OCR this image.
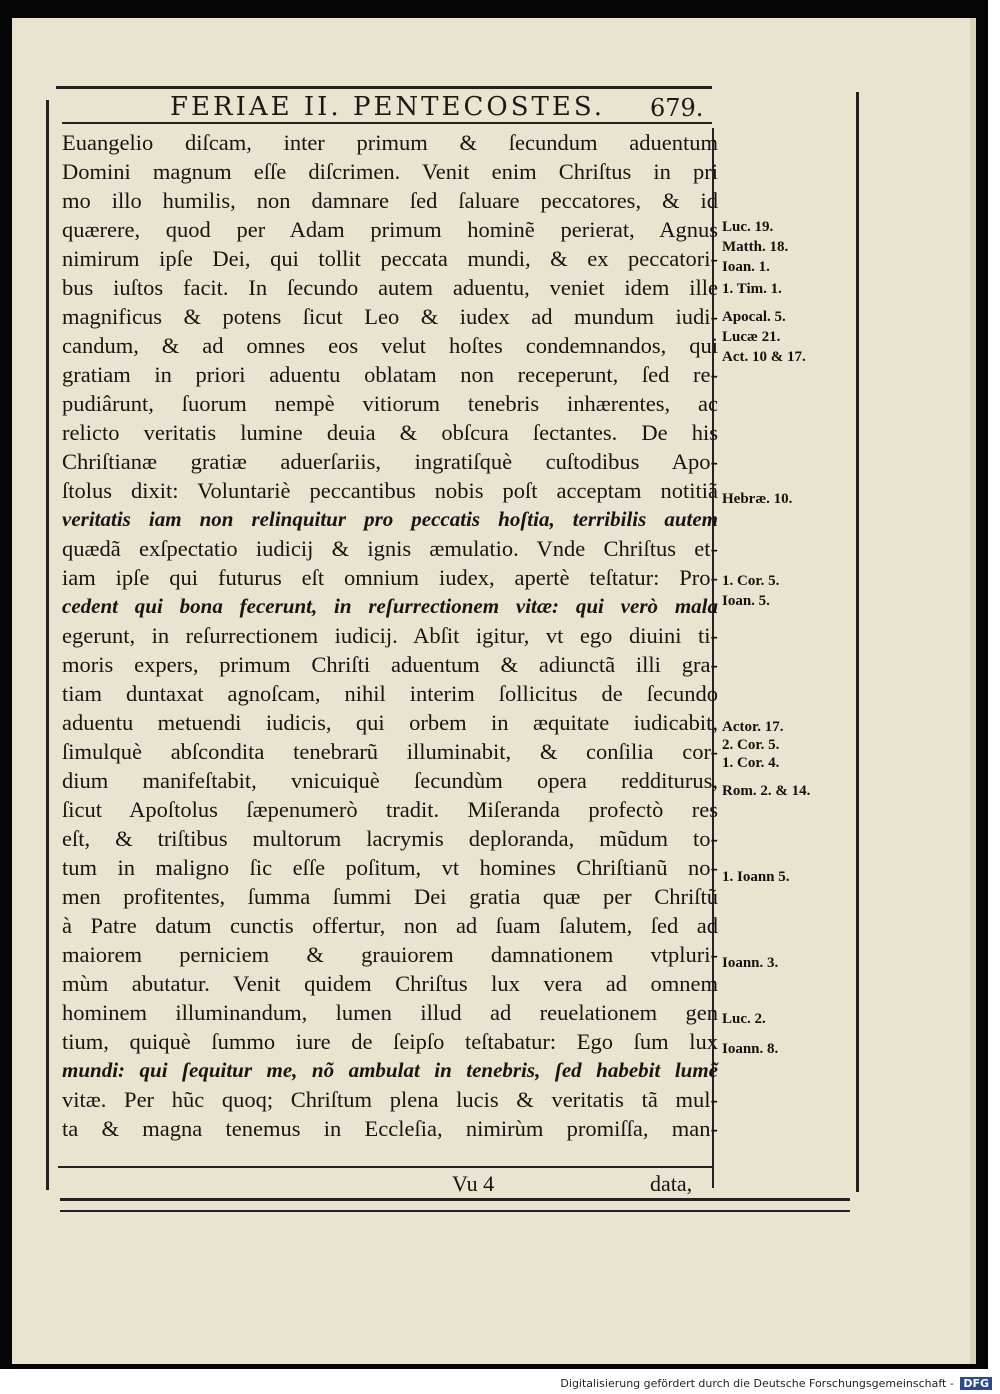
FERIAE II. PENTECOSTES. 679.
Euangelio diſcam, inter primum & ſecundum aduentum
Domini magnum eſſe diſcrimen. Venit enim Chriſtus in pri
mo illo humilis, non damnare ſed ſaluare peccatores, & id
quærere, quod per Adam primum hominẽ perierat, Agnus
nimirum ipſe Dei, qui tollit peccata mundi, & ex peccatori-
bus iuſtos facit. In ſecundo autem aduentu, veniet idem ille
magnificus & potens ſicut Leo & iudex ad mundum iudi-
candum, & ad omnes eos velut hoſtes condemnandos, qui
gratiam in priori aduentu oblatam non receperunt, ſed re-
pudiârunt, ſuorum nempè vitiorum tenebris inhærentes, ac
relicto veritatis lumine deuia & obſcura ſectantes. De his
Chriſtianæ gratiæ aduerſariis, ingratiſquè cuſtodibus Apo-
ſtolus dixit: Voluntariè peccantibus nobis poſt acceptam notitiã
veritatis iam non relinquitur pro peccatis hoſtia, terribilis autem
quædã exſpectatio iudicij & ignis æmulatio. Vnde Chriſtus et-
iam ipſe qui futurus eſt omnium iudex, apertè teſtatur: Pro-
cedent qui bona fecerunt, in reſurrectionem vitæ: qui verò mala
egerunt, in reſurrectionem iudicij. Abſit igitur, vt ego diuini ti-
moris expers, primum Chriſti aduentum & adiunctã illi gra-
tiam duntaxat agnoſcam, nihil interim ſollicitus de ſecundo
aduentu metuendi iudicis, qui orbem in æquitate iudicabit,
ſimulquè abſcondita tenebrarũ illuminabit, & conſilia cor-
dium manifeſtabit, vnicuiquè ſecundùm opera redditurus,
ſicut Apoſtolus ſæpenumerò tradit. Miſeranda profectò res
eſt, & triſtibus multorum lacrymis deploranda, mũdum to-
tum in maligno ſic eſſe poſitum, vt homines Chriſtianũ no-
men profitentes, ſumma ſummi Dei gratia quæ per Chriſtũ
à Patre datum cunctis offertur, non ad ſuam ſalutem, ſed ad
maiorem perniciem & grauiorem damnationem vtpluri-
mùm abutatur. Venit quidem Chriſtus lux vera ad omnem
hominem illuminandum, lumen illud ad reuelationem gen
tium, quiquè ſummo iure de ſeipſo teſtabatur: Ego ſum lux
mundi: qui ſequitur me, nõ ambulat in tenebris, ſed habebit lumẽ
vitæ. Per hũc quoq; Chriſtum plena lucis & veritatis tã mul-
ta & magna tenemus in Eccleſia, nimirùm promiſſa, man-
Luc. 19.
Matth. 18.
Ioan. 1.
1. Tim. 1.
Apocal. 5.
Lucæ 21.
Act. 10 & 17.
Hebræ. 10.
1. Cor. 5.
Ioan. 5.
Actor. 17.
2. Cor. 5.
1. Cor. 4.
Rom. 2. & 14.
1. Ioann 5.
Ioann. 3.
Luc. 2.
Ioann. 8.
Vu 4	data,
Digitalisierung gefördert durch die Deutsche Forschungsgemeinschaft - DFG
